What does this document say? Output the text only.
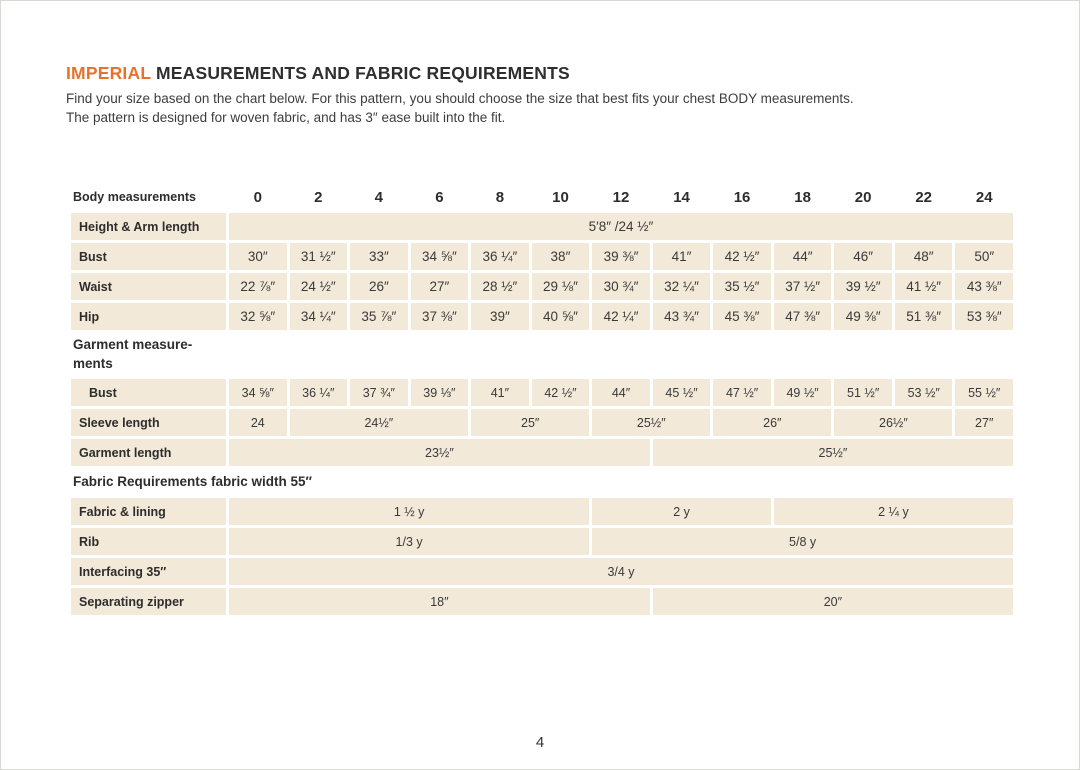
IMPERIAL MEASUREMENTS AND FABRIC REQUIREMENTS
Find your size based on the chart below. For this pattern, you should choose the size that best fits your chest BODY measurements.
The pattern is designed for woven fabric, and has 3″ ease built into the fit.
Body measurements	0	2	4	6	8	10	12	14	16	18	20	22	24
Height & Arm length	5′8″ /24 ½″
Bust	30″	31 ½″	33″	34 ⅝″	36 ¼″	38″	39 ⅜″	41″	42 ½″	44″	46″	48″	50″
Waist	22 ⅞″	24 ½″	26″	27″	28 ½″	29 ⅛″	30 ¾″	32 ¼″	35 ½″	37 ½″	39 ½″	41 ½″	43 ⅜″
Hip	32 ⅝″	34 ¼″	35 ⅞″	37 ⅜″	39″	40 ⅝″	42 ¼″	43 ¾″	45 ⅜″	47 ⅜″	49 ⅜″	51 ⅜″	53 ⅜″
Garment measure-ments
Bust	34 ⅝″	36 ¼″	37 ¾″	39 ⅓″	41″	42 ½″	44″	45 ½″	47 ½″	49 ½″	51 ½″	53 ½″	55 ½″
Sleeve length	24	24½″	25″	25½″	26″	26½″	27″
Garment length	23½″	25½″
Fabric Requirements fabric width 55″
Fabric & lining	1 ½ y	2 y	2 ¼ y
Rib	1/3 y	5/8 y
Interfacing 35″	3/4 y
Separating zipper	18″	20″
4
